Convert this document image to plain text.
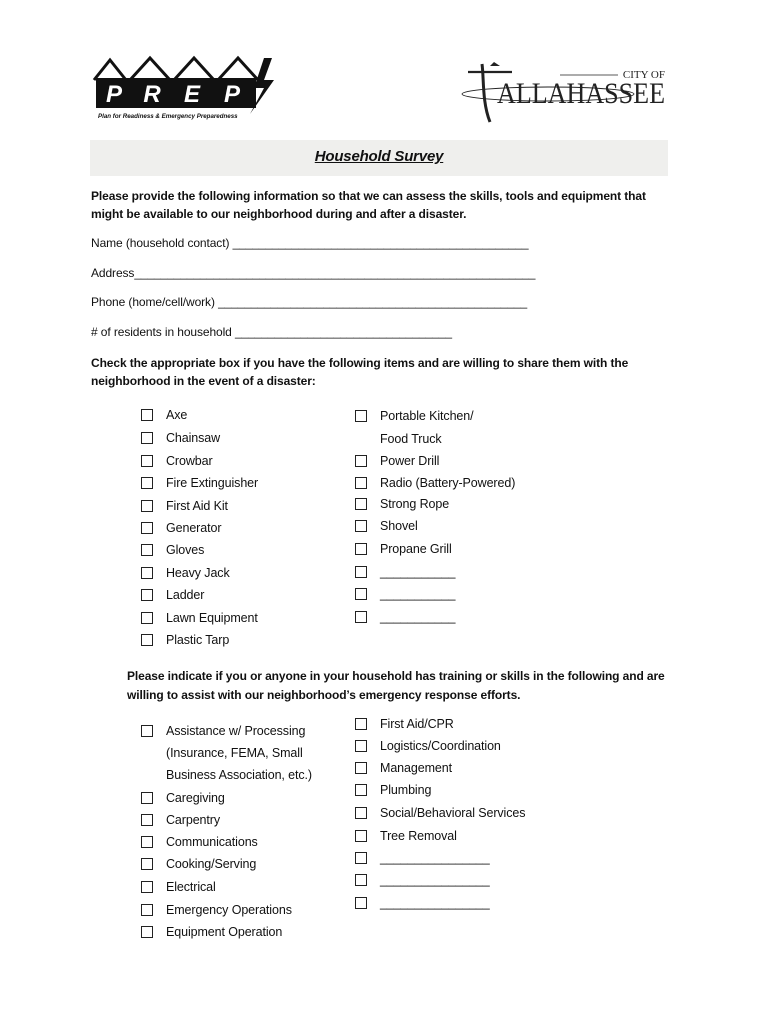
P R E P
Plan for Readiness & Emergency Preparedness
CITY OF
ALLAHASSEE
Household Survey
Please provide the following information so that we can assess the skills, tools and equipment that
might be available to our neighborhood during and after a disaster.
Name (household contact) _____________________________________________
Address_____________________________________________________________
Phone (home/cell/work) _______________________________________________
# of residents in household _________________________________
Check the appropriate box if you have the following items and are willing to share them with the
neighborhood in the event of a disaster:
Axe
Chainsaw
Crowbar
Fire Extinguisher
First Aid Kit
Generator
Gloves
Heavy Jack
Ladder
Lawn Equipment
Plastic Tarp
Portable Kitchen/
Food Truck
Power Drill
Radio (Battery-Powered)
Strong Rope
Shovel
Propane Grill
___________
___________
___________
Please indicate if you or anyone in your household has training or skills in the following and are
willing to assist with our neighborhood’s emergency response efforts.
Assistance w/ Processing
(Insurance, FEMA, Small
Business Association, etc.)
Caregiving
Carpentry
Communications
Cooking/Serving
Electrical
Emergency Operations
Equipment Operation
First Aid/CPR
Logistics/Coordination
Management
Plumbing
Social/Behavioral Services
Tree Removal
________________
________________
________________
